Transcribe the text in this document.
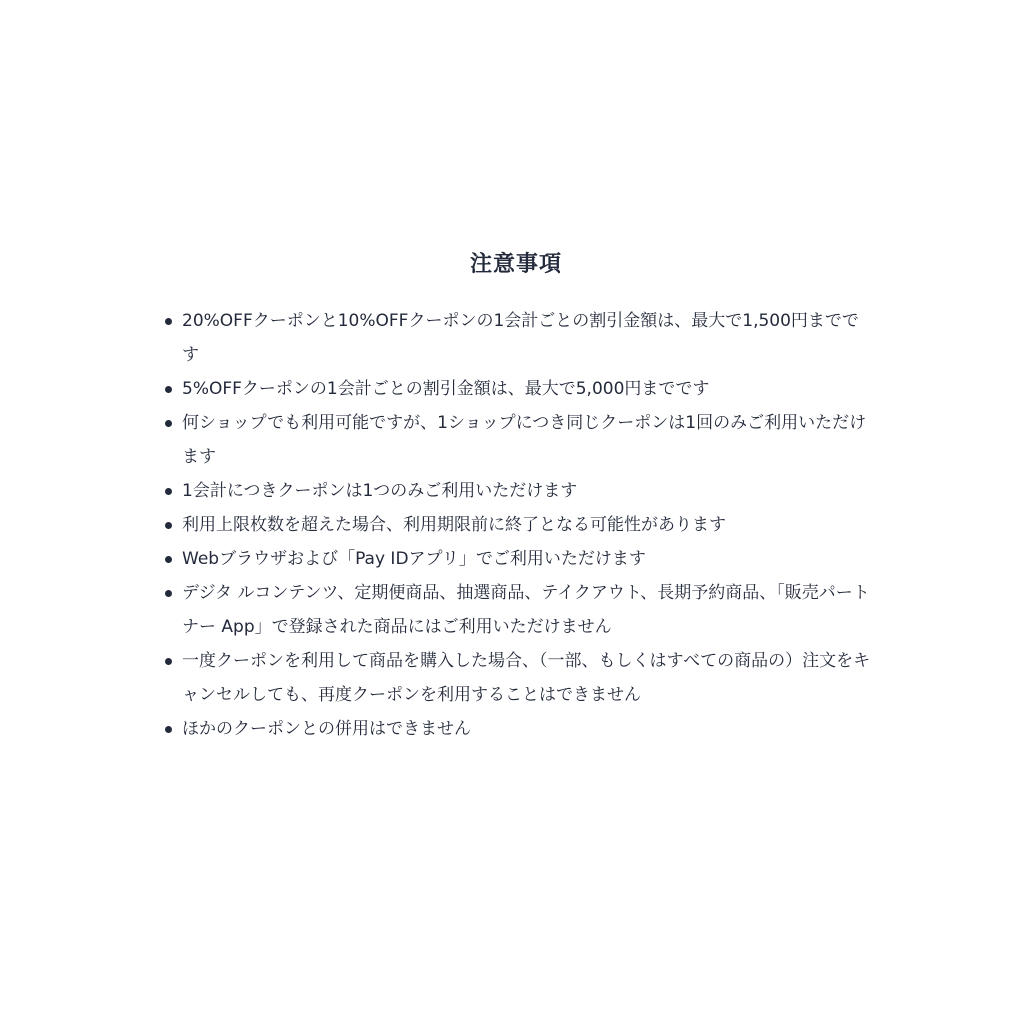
注意事項
20%OFFクーポンと10%OFFクーポンの1会計ごとの割引金額は、最大で1,500円までです
5%OFFクーポンの1会計ごとの割引金額は、最大で5,000円までです
何ショップでも利用可能ですが、1ショップにつき同じクーポンは1回のみご利用いただけます
1会計につきクーポンは1つのみご利用いただけます
利用上限枚数を超えた場合、利用期限前に終了となる可能性があります
Webブラウザおよび「Pay IDアプリ」でご利用いただけます
デジタ ルコンテンツ、定期便商品、抽選商品、テイクアウト、長期予約商品、「販売パートナー App」で登録された商品にはご利用いただけません
一度クーポンを利用して商品を購入した場合、（一部、もしくはすべての商品の）注文をキャンセルしても、再度クーポンを利用することはできません
ほかのクーポンとの併用はできません
